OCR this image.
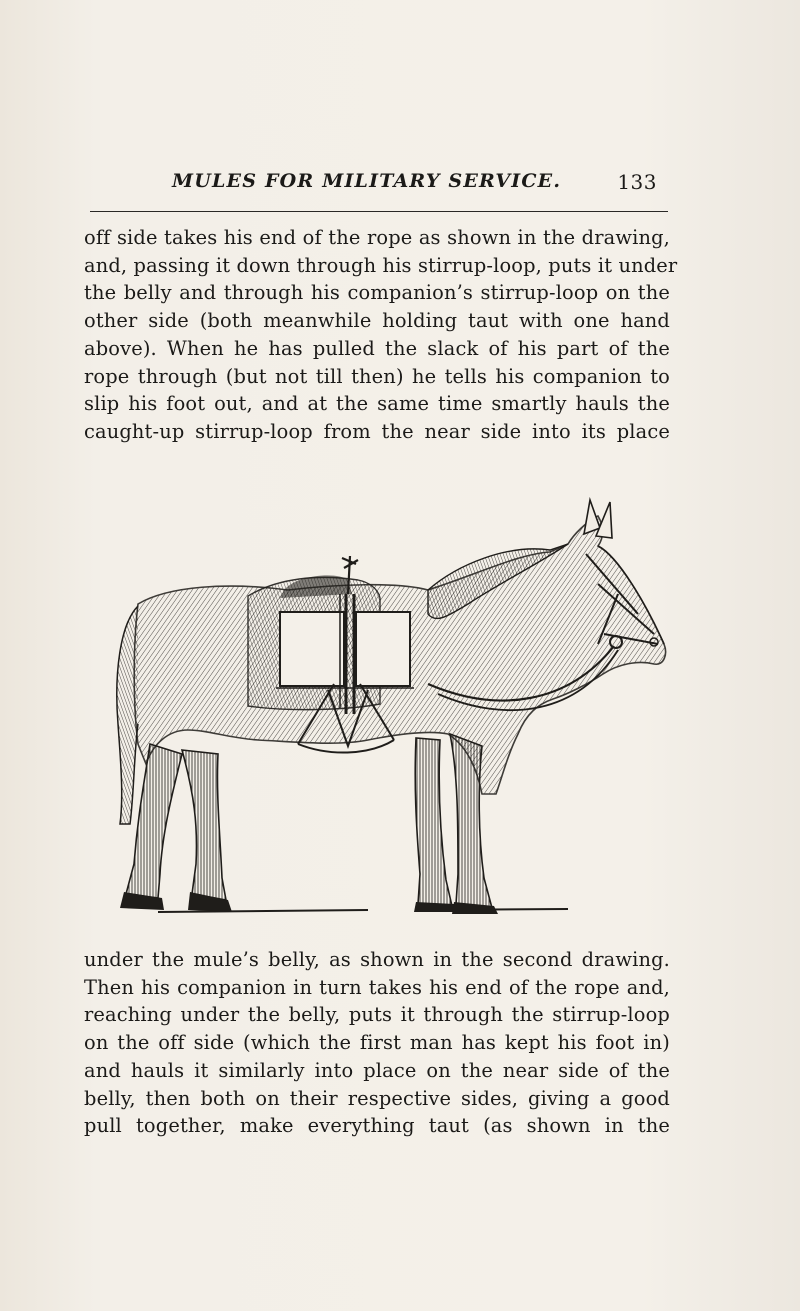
MULES FOR MILITARY SERVICE.	133

off side takes his end of the rope as shown in the drawing,
and, passing it down through his stirrup-loop, puts it under
the belly and through his companion’s stirrup-loop on the
other side (both meanwhile holding taut with one hand
above). When he has pulled the slack of his part of the
rope through (but not till then) he tells his companion to
slip his foot out, and at the same time smartly hauls the
caught-up stirrup-loop from the near side into its place

under the mule’s belly, as shown in the second drawing.
Then his companion in turn takes his end of the rope and,
reaching under the belly, puts it through the stirrup-loop
on the off side (which the first man has kept his foot in)
and hauls it similarly into place on the near side of the
belly, then both on their respective sides, giving a good
pull together, make everything taut (as shown in the
